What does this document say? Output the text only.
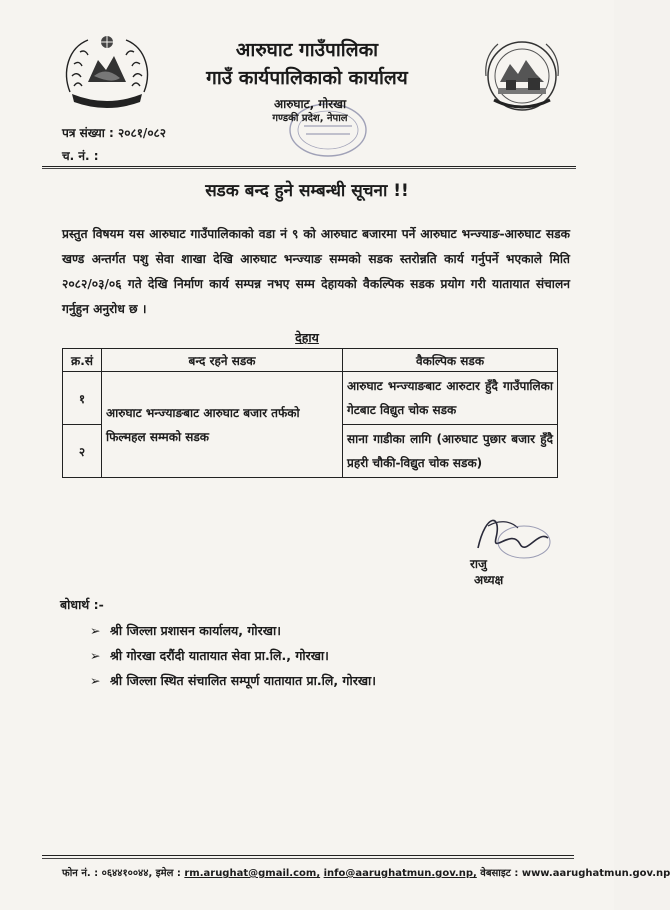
आरुघाट गाउँपालिका
गाउँ कार्यपालिकाको कार्यालय
आरुघाट, गोरखा
गण्डकी प्रदेश, नेपाल
पत्र संख्या : २०८१/०८२
च. नं. :
सडक बन्द हुने सम्बन्धी सूचना !!
प्रस्तुत विषयम यस आरुघाट गाउँपालिकाको वडा नं ९ को आरुघाट बजारमा पर्ने आरुघाट भन्ज्याङ-आरुघाट सडक खण्ड अन्तर्गत पशु सेवा शाखा देखि आरुघाट भन्ज्याङ सम्मको सडक स्तरोन्नति कार्य गर्नुपर्ने भएकाले मिति २०८२/०३/०६ गते देखि निर्माण कार्य सम्पन्न नभए सम्म देहायको वैकल्पिक सडक प्रयोग गरी यातायात संचालन गर्नुहुन अनुरोध छ ।
देहाय
क्र.सं	बन्द रहने सडक	वैकल्पिक सडक
१	आरुघाट भन्ज्याङबाट आरुघाट बजार तर्फको फिल्महल सम्मको सडक	आरुघाट भन्ज्याङबाट आरुटार हुँदै गाउँपालिका गेटबाट विद्युत चोक सडक
२		साना गाडीका लागि (आरुघाट पुछार बजार हुँदै प्रहरी चौकी-विद्युत चोक सडक)
राजु
अध्यक्ष
बोधार्थ :-
➢ श्री जिल्ला प्रशासन कार्यालय, गोरखा।
➢ श्री गोरखा दरौंदी यातायात सेवा प्रा.लि., गोरखा।
➢ श्री जिल्ला स्थित संचालित सम्पूर्ण यातायात प्रा.लि, गोरखा।
फोन नं. : ०६४४१००४४, इमेल : rm.arughat@gmail.com, info@aarughatmun.gov.np, वेबसाइट : www.aarughatmun.gov.np
